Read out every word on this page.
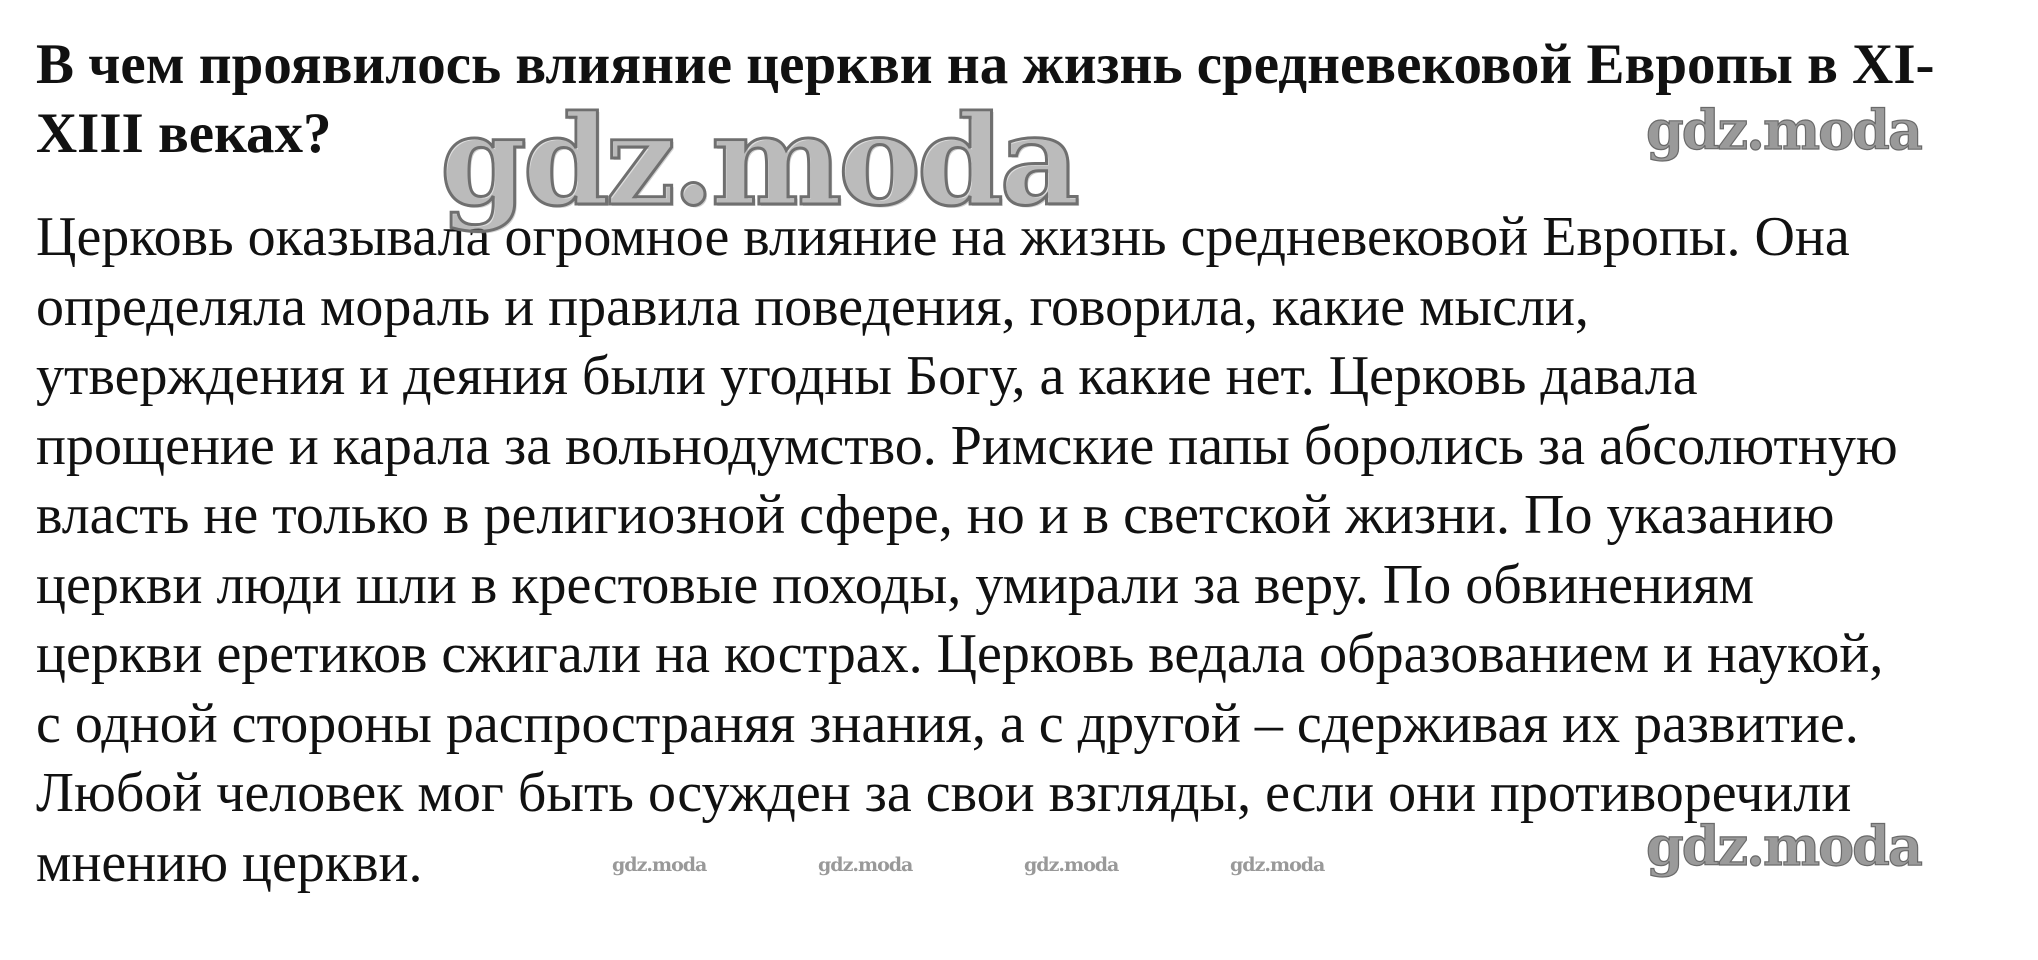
В чем проявилось влияние церкви на жизнь средневековой Европы в XI-
XIII веках?

Церковь оказывала огромное влияние на жизнь средневековой Европы. Она
определяла мораль и правила поведения, говорила, какие мысли,
утверждения и деяния были угодны Богу, а какие нет. Церковь давала
прощение и карала за вольнодумство. Римские папы боролись за абсолютную
власть не только в религиозной сфере, но и в светской жизни. По указанию
церкви люди шли в крестовые походы, умирали за веру. По обвинениям
церкви еретиков сжигали на кострах. Церковь ведала образованием и наукой,
с одной стороны распространяя знания, а с другой – сдерживая их развитие.
Любой человек мог быть осужден за свои взгляды, если они противоречили
мнению церкви.

gdz.moda	gdz.moda
gdz.moda
gdz.moda	gdz.moda	gdz.moda	gdz.moda
